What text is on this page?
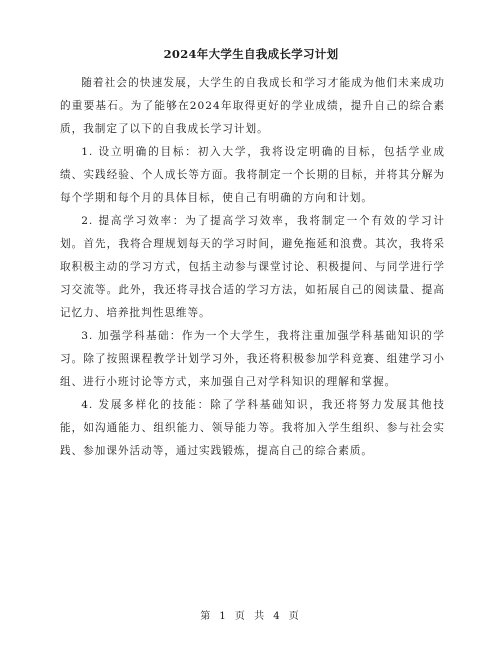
2024年大学生自我成长学习计划

随着社会的快速发展，大学生的自我成长和学习才能成为他们未来成功的重要基石。为了能够在2024年取得更好的学业成绩，提升自己的综合素质，我制定了以下的自我成长学习计划。

1. 设立明确的目标：初入大学，我将设定明确的目标，包括学业成绩、实践经验、个人成长等方面。我将制定一个长期的目标，并将其分解为每个学期和每个月的具体目标，使自己有明确的方向和计划。

2. 提高学习效率：为了提高学习效率，我将制定一个有效的学习计划。首先，我将合理规划每天的学习时间，避免拖延和浪费。其次，我将采取积极主动的学习方式，包括主动参与课堂讨论、积极提问、与同学进行学习交流等。此外，我还将寻找合适的学习方法，如拓展自己的阅读量、提高记忆力、培养批判性思维等。

3. 加强学科基础：作为一个大学生，我将注重加强学科基础知识的学习。除了按照课程教学计划学习外，我还将积极参加学科竞赛、组建学习小组、进行小班讨论等方式，来加强自己对学科知识的理解和掌握。

4. 发展多样化的技能：除了学科基础知识，我还将努力发展其他技能，如沟通能力、组织能力、领导能力等。我将加入学生组织、参与社会实践、参加课外活动等，通过实践锻炼，提高自己的综合素质。

第 1 页 共 4 页
